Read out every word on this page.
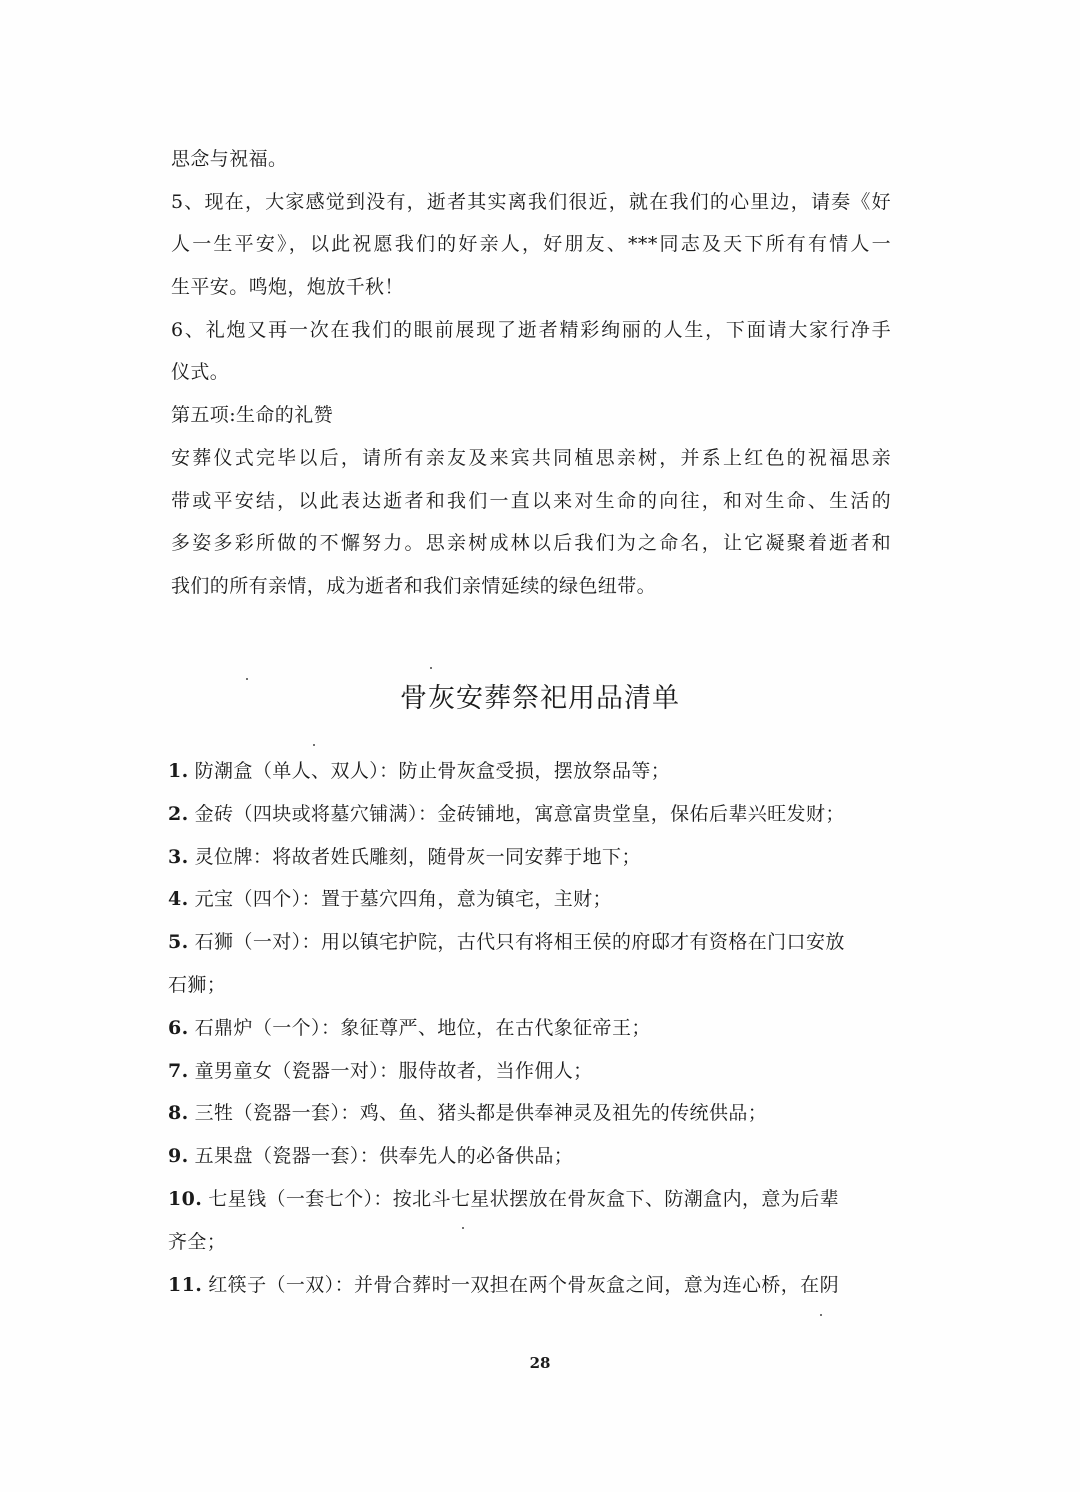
思念与祝福。
5、现在，大家感觉到没有，逝者其实离我们很近，就在我们的心里边，请奏《好
人一生平安》，以此祝愿我们的好亲人，好朋友、***同志及天下所有有情人一
生平安。鸣炮，炮放千秋！
6、礼炮又再一次在我们的眼前展现了逝者精彩绚丽的人生，下面请大家行净手
仪式。
第五项:生命的礼赞
安葬仪式完毕以后，请所有亲友及来宾共同植思亲树，并系上红色的祝福思亲
带或平安结，以此表达逝者和我们一直以来对生命的向往，和对生命、生活的
多姿多彩所做的不懈努力。思亲树成林以后我们为之命名，让它凝聚着逝者和
我们的所有亲情，成为逝者和我们亲情延续的绿色纽带。
骨灰安葬祭祀用品清单
1. 防潮盒（单人、双人）：防止骨灰盒受损，摆放祭品等；
2. 金砖（四块或将墓穴铺满）：金砖铺地，寓意富贵堂皇，保佑后辈兴旺发财；
3. 灵位牌：将故者姓氏雕刻，随骨灰一同安葬于地下；
4. 元宝（四个）：置于墓穴四角，意为镇宅，主财；
5. 石狮（一对）：用以镇宅护院，古代只有将相王侯的府邸才有资格在门口安放
石狮；
6. 石鼎炉（一个）：象征尊严、地位，在古代象征帝王；
7. 童男童女（瓷器一对）：服侍故者，当作佣人；
8. 三牲（瓷器一套）：鸡、鱼、猪头都是供奉神灵及祖先的传统供品；
9. 五果盘（瓷器一套）：供奉先人的必备供品；
10. 七星钱（一套七个）：按北斗七星状摆放在骨灰盒下、防潮盒内，意为后辈
齐全；
11. 红筷子（一双）：并骨合葬时一双担在两个骨灰盒之间，意为连心桥，在阴
28
